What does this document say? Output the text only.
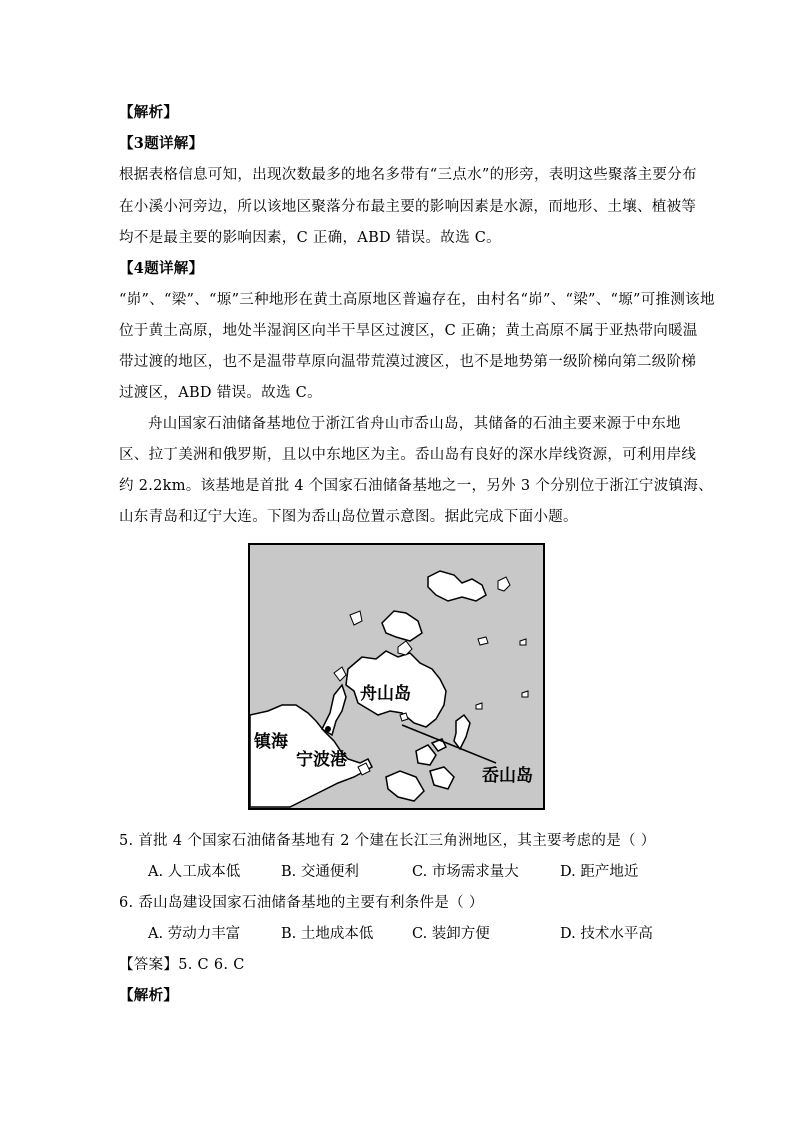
【解析】

【3题详解】

根据表格信息可知，出现次数最多的地名多带有“三点水”的形旁，表明这些聚落主要分布

在小溪小河旁边，所以该地区聚落分布最主要的影响因素是水源，而地形、土壤、植被等

均不是最主要的影响因素，C 正确，ABD 错误。故选 C。

【4题详解】

“峁”、“梁”、“塬”三种地形在黄土高原地区普遍存在，由村名“峁”、“梁”、“塬”可推测该地

位于黄土高原，地处半湿润区向半干旱区过渡区，C 正确；黄土高原不属于亚热带向暖温

带过渡的地区，也不是温带草原向温带荒漠过渡区，也不是地势第一级阶梯向第二级阶梯

过渡区，ABD 错误。故选 C。

舟山国家石油储备基地位于浙江省舟山市岙山岛，其储备的石油主要来源于中东地

区、拉丁美洲和俄罗斯，且以中东地区为主。岙山岛有良好的深水岸线资源，可利用岸线

约 2.2km。该基地是首批 4 个国家石油储备基地之一，另外 3 个分别位于浙江宁波镇海、

山东青岛和辽宁大连。下图为岙山岛位置示意图。据此完成下面小题。

舟山岛
镇海
宁波港
岙山岛

5. 首批 4 个国家石油储备基地有 2 个建在长江三角洲地区，其主要考虑的是（ ）

A. 人工成本低	B. 交通便利	C. 市场需求量大	D. 距产地近

6. 岙山岛建设国家石油储备基地的主要有利条件是（ ）

A. 劳动力丰富	B. 土地成本低	C. 装卸方便	D. 技术水平高

【答案】5. C 6. C

【解析】
